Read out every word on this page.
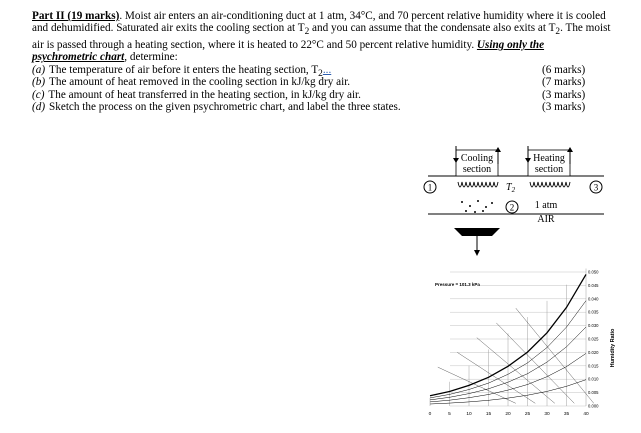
Part II (19 marks). Moist air enters an air-conditioning duct at 1 atm, 34°C, and 70 percent relative humidity where it is cooled and dehumidified. Saturated air exits the cooling section at $T_2$ and you can assume that the condensate also exits at $T_2$. The moist air is passed through a heating section, where it is heated to 22°C and 50 percent relative humidity. Using only the psychrometric chart, determine:

(a) The temperature of air before it enters the heating section, $T_2$...	(6 marks)
(b) The amount of heat removed in the cooling section in kJ/kg dry air.	(7 marks)
(c) The amount of heat transferred in the heating section, in kJ/kg dry air.	(3 marks)
(d) Sketch the process on the given psychrometric chart, and label the three states.	(3 marks)
Cooling
section
Heating
section
$T_2$
1
2
3
1 atm
AIR
Pressure = 101.3 kPa
0	5	10	15	20	25	30	35	40
0.000
0.005
0.010
0.015
0.020
0.025
0.030
0.035
0.040
0.045
0.050
Humidity Ratio
